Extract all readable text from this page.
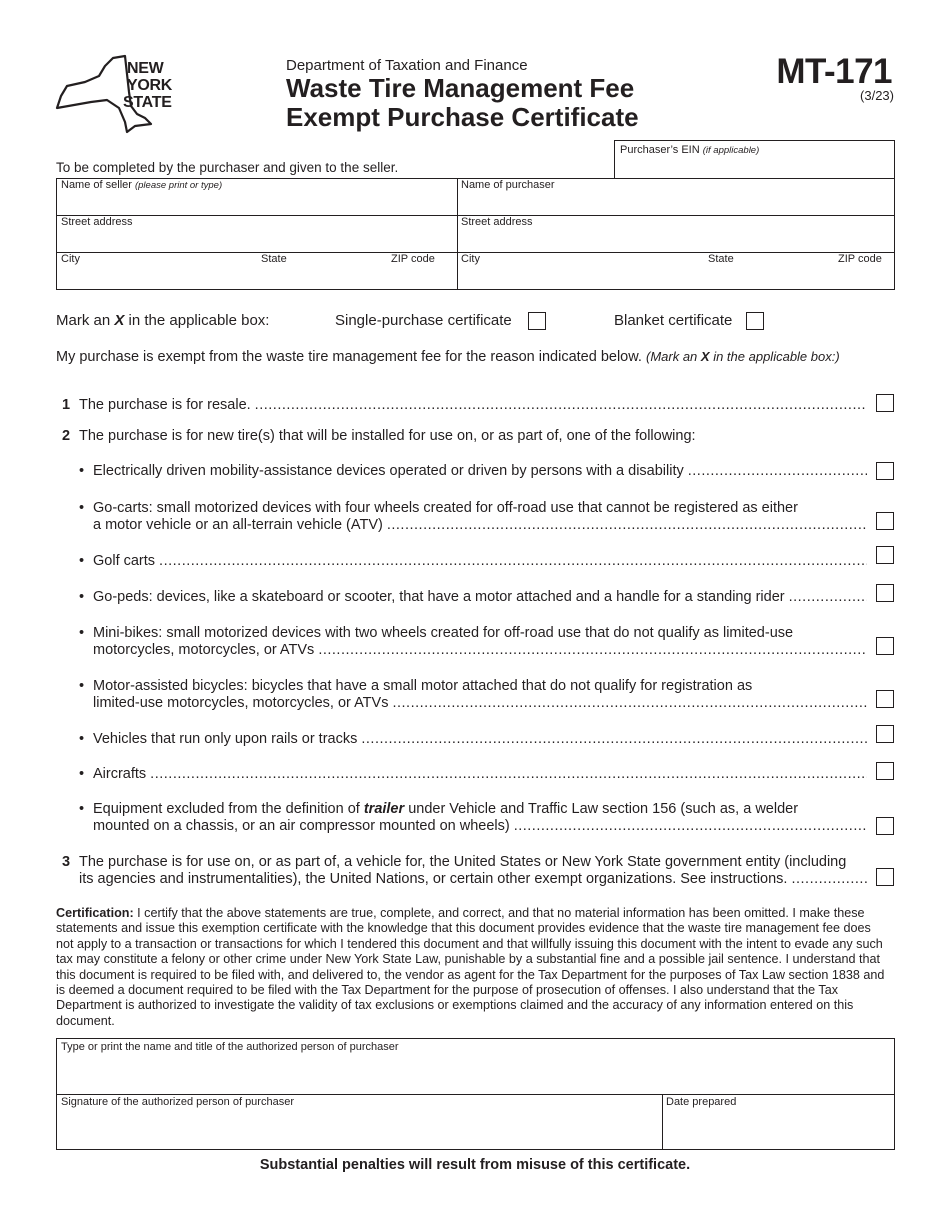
NEW
YORK
STATE
Department of Taxation and Finance
Waste Tire Management Fee
Exempt Purchase Certificate
MT-171
(3/23)
Purchaser’s EIN (if applicable)
To be completed by the purchaser and given to the seller.
Name of seller (please print or type)	Name of purchaser
Street address	Street address
City	State	ZIP code City	State	ZIP code
Mark an X in the applicable box:	Single-purchase certificate	Blanket certificate
My purchase is exempt from the waste tire management fee for the reason indicated below. (Mark an X in the applicable box:)
1 The purchase is for resale.
.....
2 The purchase is for new tire(s) that will be installed for use on, or as part of, one of the following:
• Electrically driven mobility-assistance devices operated or driven by persons with a disability
.....
• Go-carts: small motorized devices with four wheels created for off-road use that cannot be registered as either
a motor vehicle or an all-terrain vehicle (ATV)
.....
• Golf carts
.....
• Go-peds: devices, like a skateboard or scooter, that have a motor attached and a handle for a standing rider
.....
• Mini-bikes: small motorized devices with two wheels created for off-road use that do not qualify as limited-use
motorcycles, motorcycles, or ATVs
.....
• Motor-assisted bicycles: bicycles that have a small motor attached that do not qualify for registration as
limited-use motorcycles, motorcycles, or ATVs
.....
• Vehicles that run only upon rails or tracks
.....
• Aircrafts
.....
• Equipment excluded from the definition of trailer under Vehicle and Traffic Law section 156 (such as, a welder
mounted on a chassis, or an air compressor mounted on wheels)
.....
3 The purchase is for use on, or as part of, a vehicle for, the United States or New York State government entity (including
its agencies and instrumentalities), the United Nations, or certain other exempt organizations. See instructions.
.....
Certification: I certify that the above statements are true, complete, and correct, and that no material information has been omitted. I make these statements and issue this exemption certificate with the knowledge that this document provides evidence that the waste tire management fee does not apply to a transaction or transactions for which I tendered this document and that willfully issuing this document with the intent to evade any such tax may constitute a felony or other crime under New York State Law, punishable by a substantial fine and a possible jail sentence. I understand that this document is required to be filed with, and delivered to, the vendor as agent for the Tax Department for the purposes of Tax Law section 1838 and is deemed a document required to be filed with the Tax Department for the purpose of prosecution of offenses. I also understand that the Tax Department is authorized to investigate the validity of tax exclusions or exemptions claimed and the accuracy of any information entered on this document.
Type or print the name and title of the authorized person of purchaser
Signature of the authorized person of purchaser	Date prepared
Substantial penalties will result from misuse of this certificate.
